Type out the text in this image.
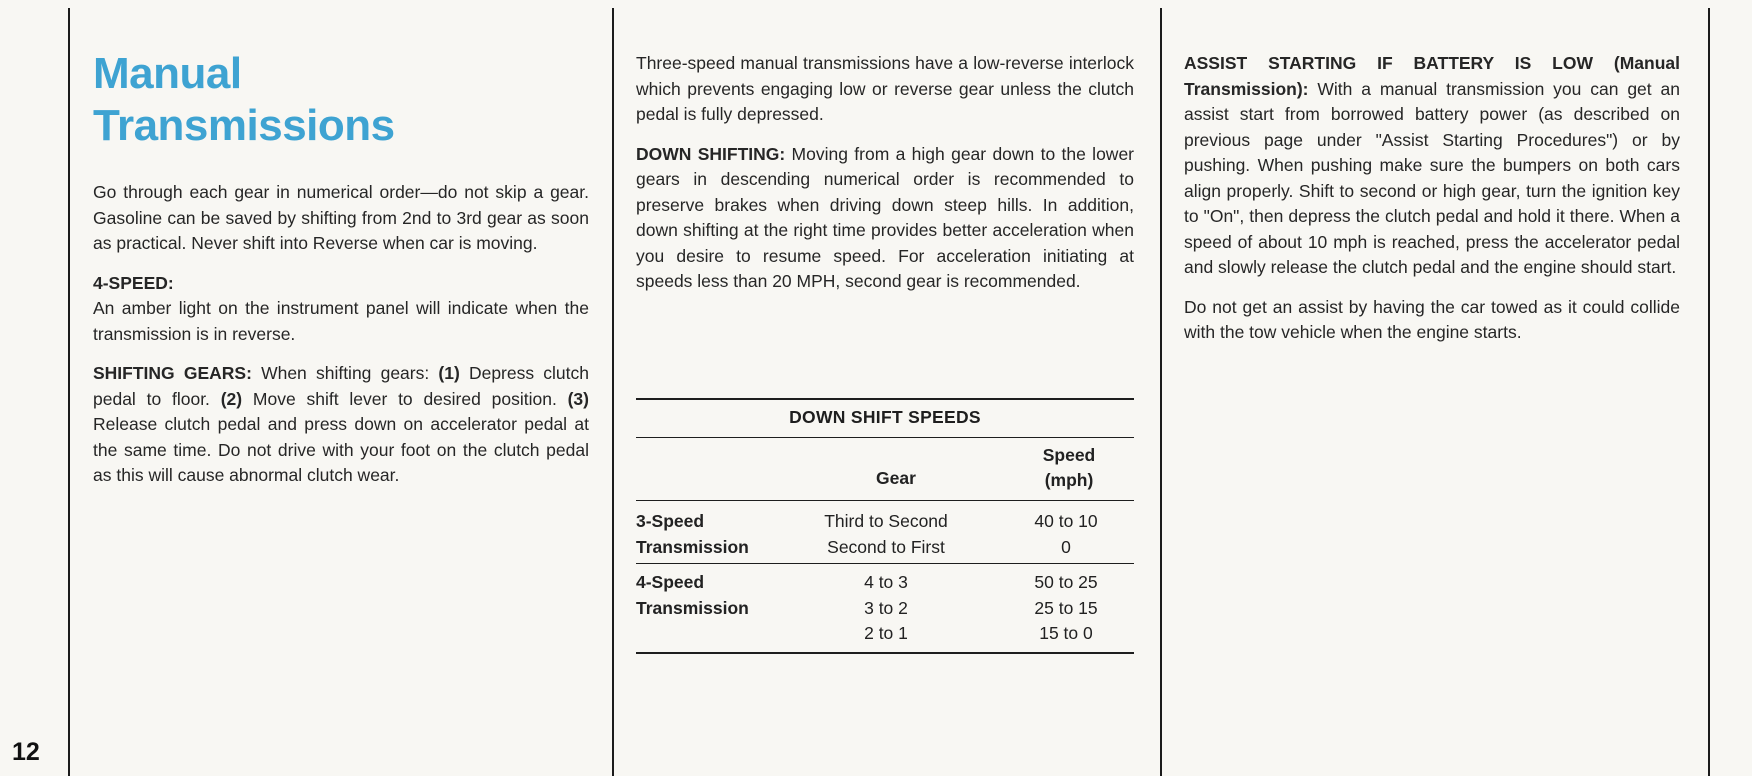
12
Manual
Transmissions

Go through each gear in numerical order—do not skip a gear. Gasoline can be saved by shifting from 2nd to 3rd gear as soon as practical. Never shift into Reverse when car is moving.

4-SPEED:
An amber light on the instrument panel will indicate when the transmission is in reverse.

SHIFTING GEARS: When shifting gears: (1) Depress clutch pedal to floor. (2) Move shift lever to desired position. (3) Release clutch pedal and press down on accelerator pedal at the same time. Do not drive with your foot on the clutch pedal as this will cause abnormal clutch wear.

Three-speed manual transmissions have a low-reverse interlock which prevents engaging low or reverse gear unless the clutch pedal is fully depressed.

DOWN SHIFTING: Moving from a high gear down to the lower gears in descending numerical order is recommended to preserve brakes when driving down steep hills. In addition, down shifting at the right time provides better acceleration when you desire to resume speed. For acceleration initiating at speeds less than 20 MPH, second gear is recommended.

DOWN SHIFT SPEEDS
Gear
Speed
(mph)
3-Speed
Transmission
Third to Second
Second to First
40 to 10
0
4-Speed
Transmission
4 to 3
3 to 2
2 to 1
50 to 25
25 to 15
15 to 0

ASSIST STARTING IF BATTERY IS LOW (Manual Transmission): With a manual transmission you can get an assist start from borrowed battery power (as described on previous page under "Assist Starting Procedures") or by pushing. When pushing make sure the bumpers on both cars align properly. Shift to second or high gear, turn the ignition key to "On", then depress the clutch pedal and hold it there. When a speed of about 10 mph is reached, press the accelerator pedal and slowly release the clutch pedal and the engine should start.

Do not get an assist by having the car towed as it could collide with the tow vehicle when the engine starts.
